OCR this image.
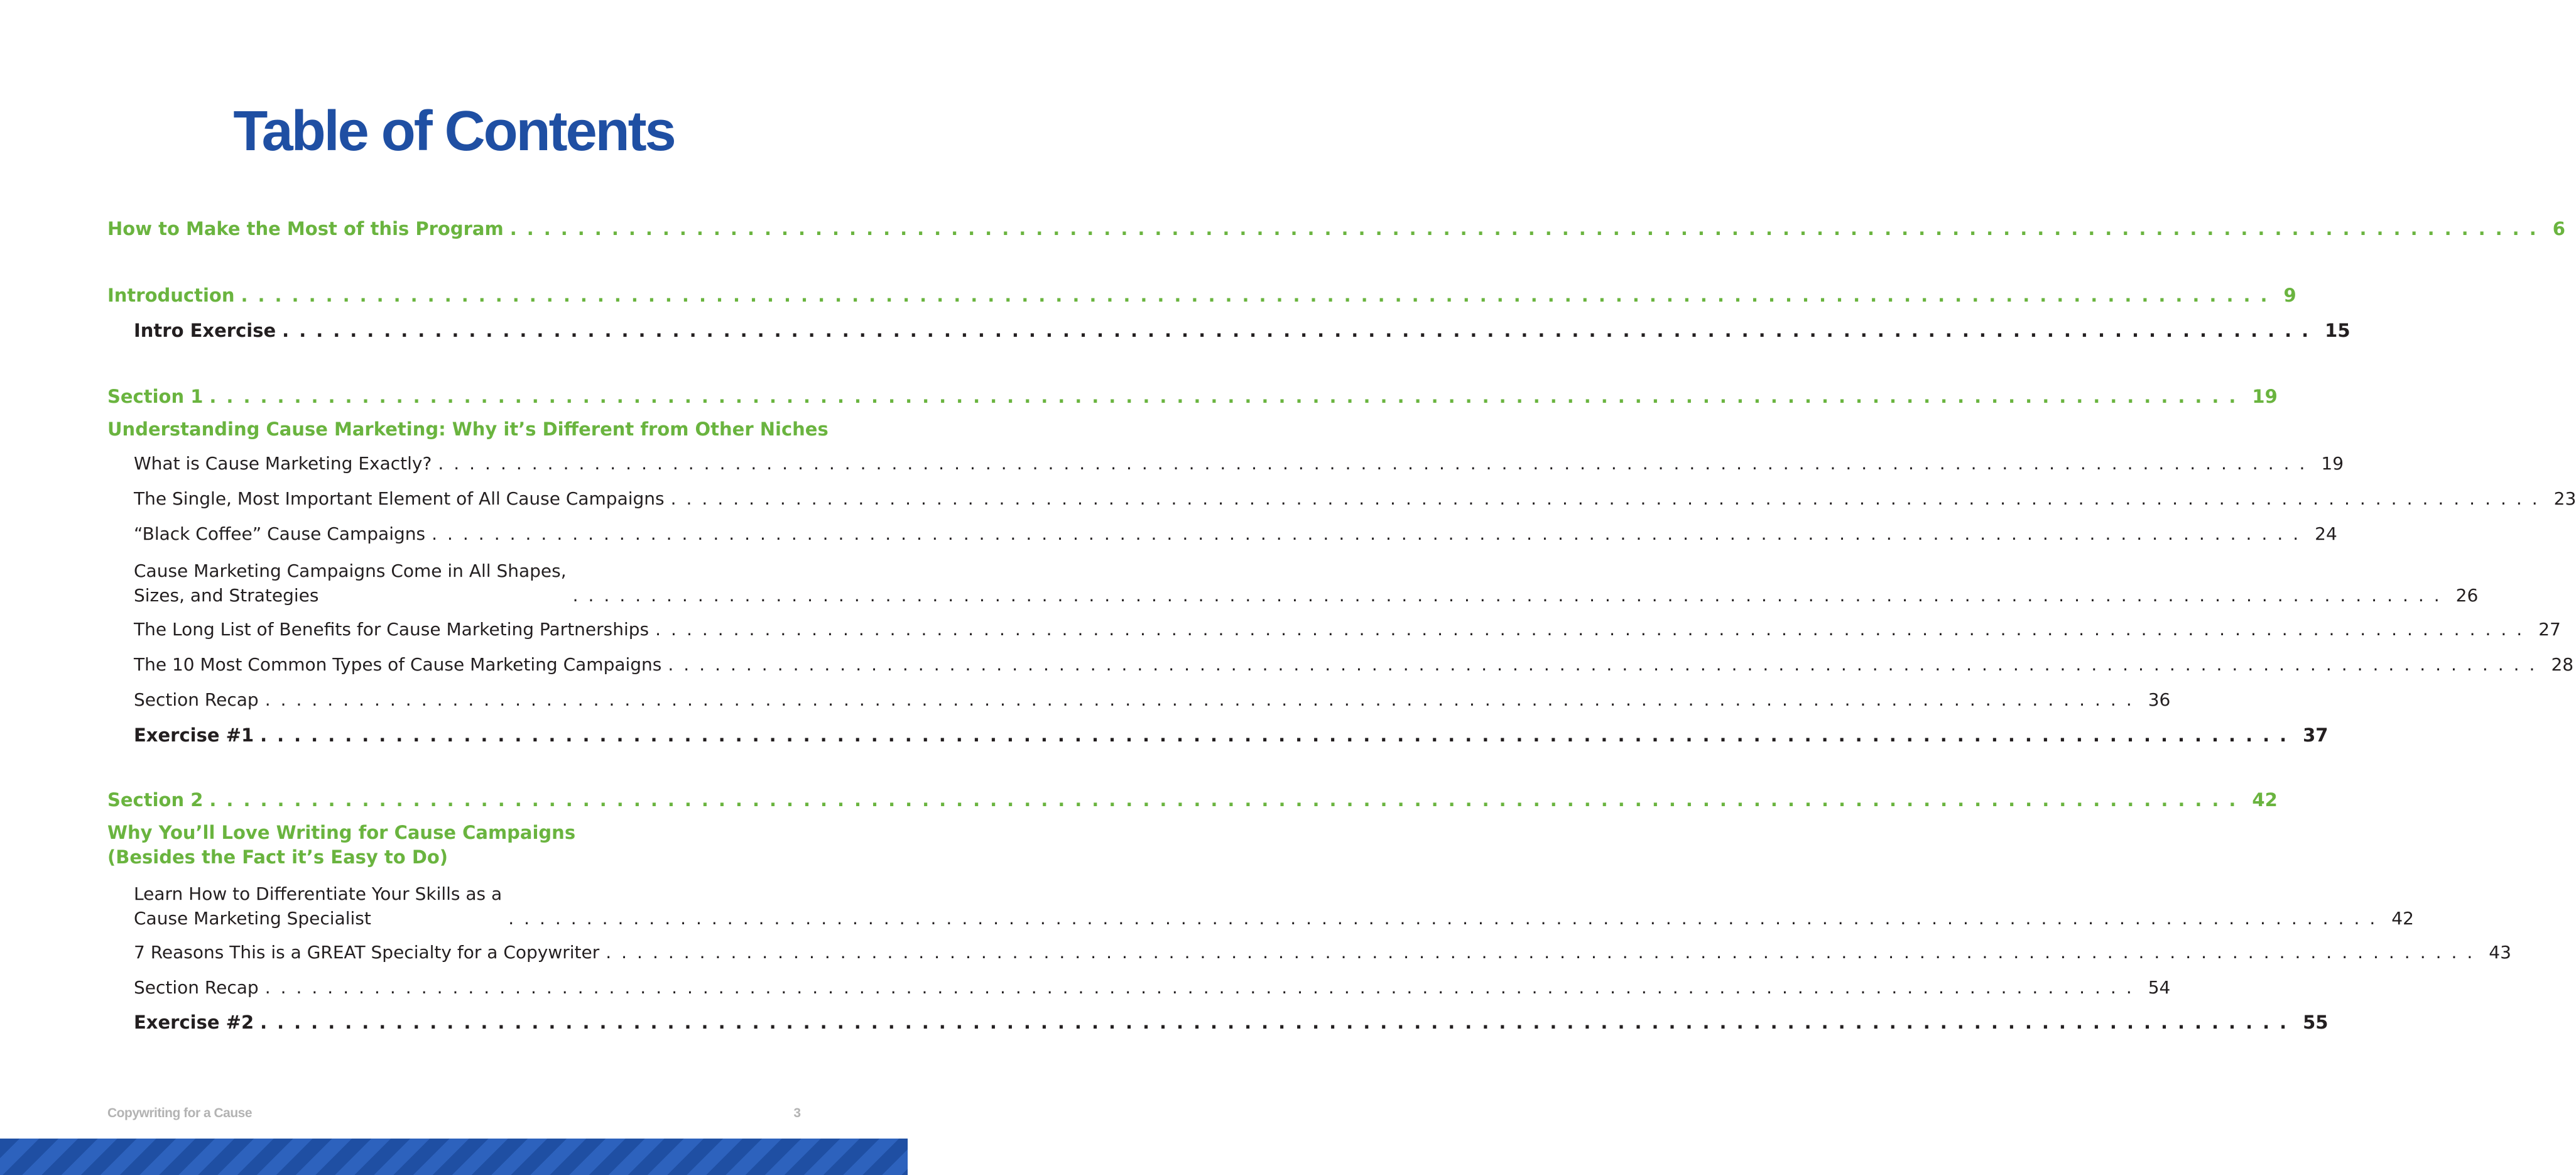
Table of Contents
How to Make the Most of this Program ........................................................................................................................ 6
Introduction ........................................................................................................................ 9
Intro Exercise ........................................................................................................................ 15
Section 1 ........................................................................................................................ 19
Understanding Cause Marketing: Why it’s Different from Other Niches
What is Cause Marketing Exactly? ........................................................................................................................ 19
The Single, Most Important Element of All Cause Campaigns ........................................................................................................................ 23
“Black Coffee” Cause Campaigns ........................................................................................................................ 24
Cause Marketing Campaigns Come in All Shapes,
Sizes, and Strategies	........................................................................................................................ 26
The Long List of Benefits for Cause Marketing Partnerships ........................................................................................................................ 27
The 10 Most Common Types of Cause Marketing Campaigns ........................................................................................................................ 28
Section Recap ........................................................................................................................ 36
Exercise #1 ........................................................................................................................ 37
Section 2 ........................................................................................................................ 42
Why You’ll Love Writing for Cause Campaigns
(Besides the Fact it’s Easy to Do)
Learn How to Differentiate Your Skills as a
Cause Marketing Specialist	........................................................................................................................ 42
7 Reasons This is a GREAT Specialty for a Copywriter ........................................................................................................................ 43
Section Recap ........................................................................................................................ 54
Exercise #2 ........................................................................................................................ 55
Copywriting for a Cause	3
